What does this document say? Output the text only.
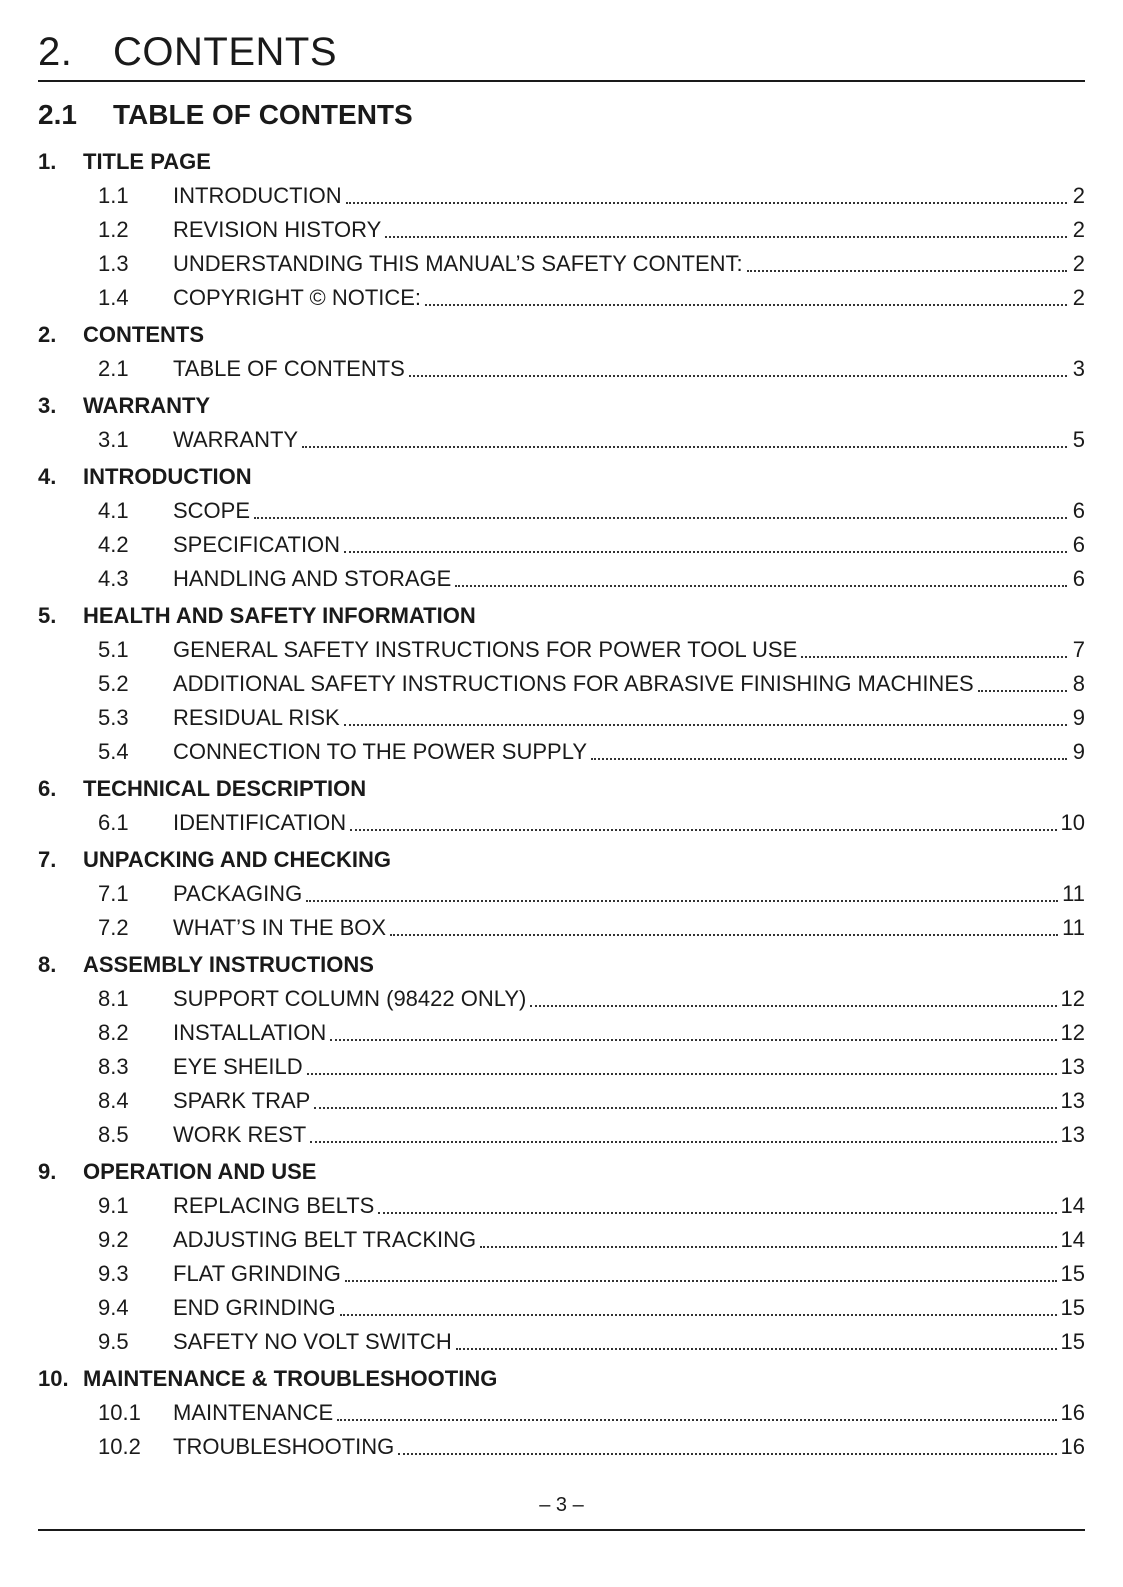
2. CONTENTS
2.1 TABLE OF CONTENTS
1.	TITLE PAGE
1.1	INTRODUCTION	2
1.2	REVISION HISTORY	2
1.3	UNDERSTANDING THIS MANUAL’S SAFETY CONTENT:	2
1.4	COPYRIGHT © NOTICE:	2
2.	CONTENTS
2.1	TABLE OF CONTENTS	3
3.	WARRANTY
3.1	WARRANTY	5
4.	INTRODUCTION
4.1	SCOPE	6
4.2	SPECIFICATION	6
4.3	HANDLING AND STORAGE	6
5.	HEALTH AND SAFETY INFORMATION
5.1	GENERAL SAFETY INSTRUCTIONS FOR POWER TOOL USE	7
5.2	ADDITIONAL SAFETY INSTRUCTIONS FOR ABRASIVE FINISHING MACHINES	8
5.3	RESIDUAL RISK	9
5.4	CONNECTION TO THE POWER SUPPLY	9
6.	TECHNICAL DESCRIPTION
6.1	IDENTIFICATION	10
7.	UNPACKING AND CHECKING
7.1	PACKAGING	11
7.2	WHAT’S IN THE BOX	11
8.	ASSEMBLY INSTRUCTIONS
8.1	SUPPORT COLUMN (98422 ONLY)	12
8.2	INSTALLATION	12
8.3	EYE SHEILD	13
8.4	SPARK TRAP	13
8.5	WORK REST	13
9.	OPERATION AND USE
9.1	REPLACING BELTS	14
9.2	ADJUSTING BELT TRACKING	14
9.3	FLAT GRINDING	15
9.4	END GRINDING	15
9.5	SAFETY NO VOLT SWITCH	15
10. MAINTENANCE & TROUBLESHOOTING
10.1	MAINTENANCE	16
10.2	TROUBLESHOOTING	16
– 3 –
